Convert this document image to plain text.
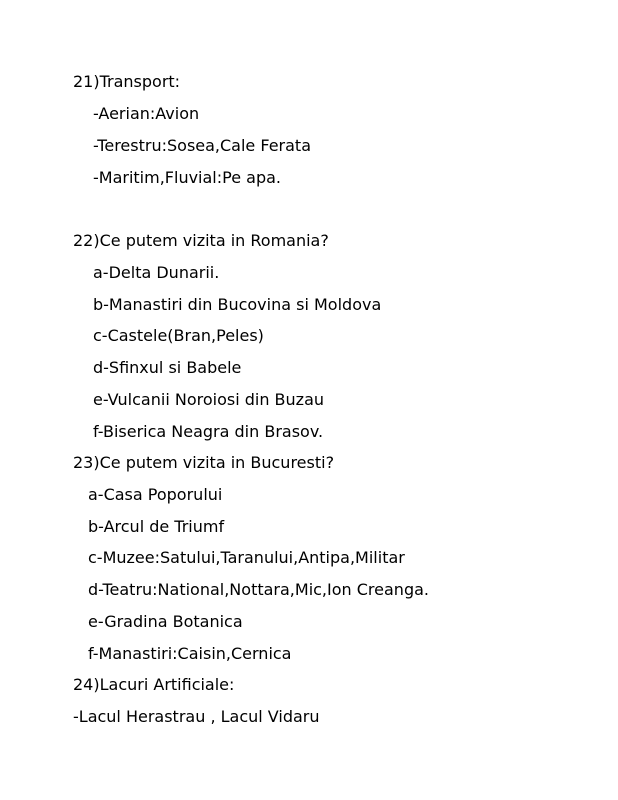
21)Transport:
-Aerian:Avion
-Terestru:Sosea,Cale Ferata
-Maritim,Fluvial:Pe apa.
22)Ce putem vizita in Romania?
a-Delta Dunarii.
b-Manastiri din Bucovina si Moldova
c-Castele(Bran,Peles)
d-Sfinxul si Babele
e-Vulcanii Noroiosi din Buzau
f-Biserica Neagra din Brasov.
23)Ce putem vizita in Bucuresti?
a-Casa Poporului
b-Arcul de Triumf
c-Muzee:Satului,Taranului,Antipa,Militar
d-Teatru:National,Nottara,Mic,Ion Creanga.
e-Gradina Botanica
f-Manastiri:Caisin,Cernica
24)Lacuri Artificiale:
-Lacul Herastrau , Lacul Vidaru
